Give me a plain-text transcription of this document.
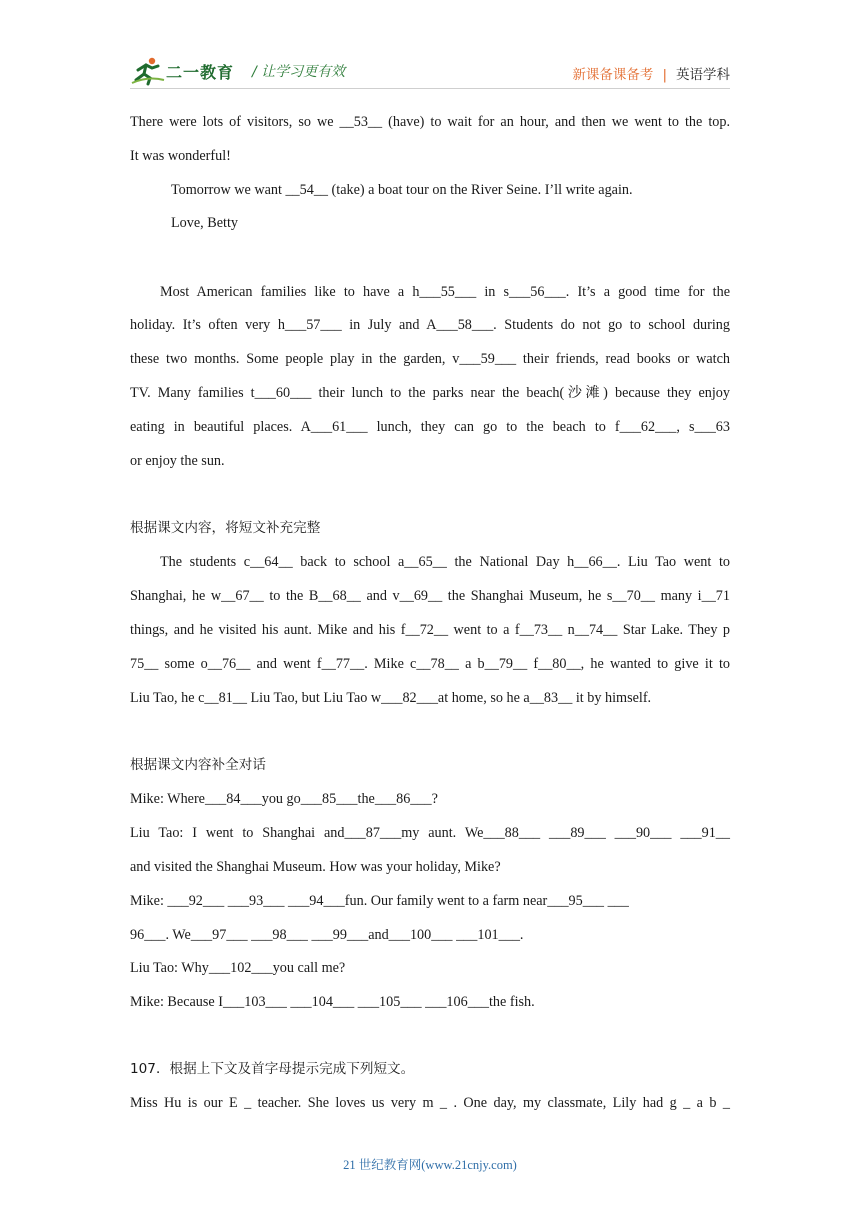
二一教育 / 让学习更有效	新课备课备考 | 英语学科
There were lots of visitors, so we __53__ (have) to wait for an hour, and then we went to the top.
It was wonderful!
Tomorrow we want __54__ (take) a boat tour on the River Seine. I’ll write again.
Love, Betty
Most American families like to have a h___55___ in s___56___. It’s a good time for the
holiday. It’s often very h___57___ in July and A___58___. Students do not go to school during
these two months. Some people play in the garden, v___59___ their friends, read books or watch
TV. Many families t___60___ their lunch to the parks near the beach(沙滩) because they enjoy
eating in beautiful places. A___61___ lunch, they can go to the beach to f___62___, s___63
or enjoy the sun.
根据课文内容，将短文补充完整
The students c__64__ back to school a__65__ the National Day h__66__. Liu Tao went to
Shanghai, he w__67__ to the B__68__ and v__69__ the Shanghai Museum, he s__70__ many i__71
things, and he visited his aunt. Mike and his f__72__ went to a f__73__ n__74__ Star Lake. They p
75__ some o__76__ and went f__77__. Mike c__78__ a b__79__ f__80__, he wanted to give it to
Liu Tao, he c__81__ Liu Tao, but Liu Tao w___82___at home, so he a__83__ it by himself.
根据课文内容补全对话
Mike: Where___84___you go___85___the___86___?
Liu Tao: I went to Shanghai and___87___my aunt. We___88___ ___89___ ___90___ ___91__
and visited the Shanghai Museum. How was your holiday, Mike?
Mike: ___92___ ___93___ ___94___fun. Our family went to a farm near___95___ ___
96___. We___97___ ___98___ ___99___and___100___ ___101___.
Liu Tao: Why___102___you call me?
Mike: Because I___103___ ___104___ ___105___ ___106___the fish.
107．根据上下文及首字母提示完成下列短文。
Miss Hu is our E _ teacher. She loves us very m _ . One day, my classmate, Lily had g _ a b _
21 世纪教育网(www.21cnjy.com)
